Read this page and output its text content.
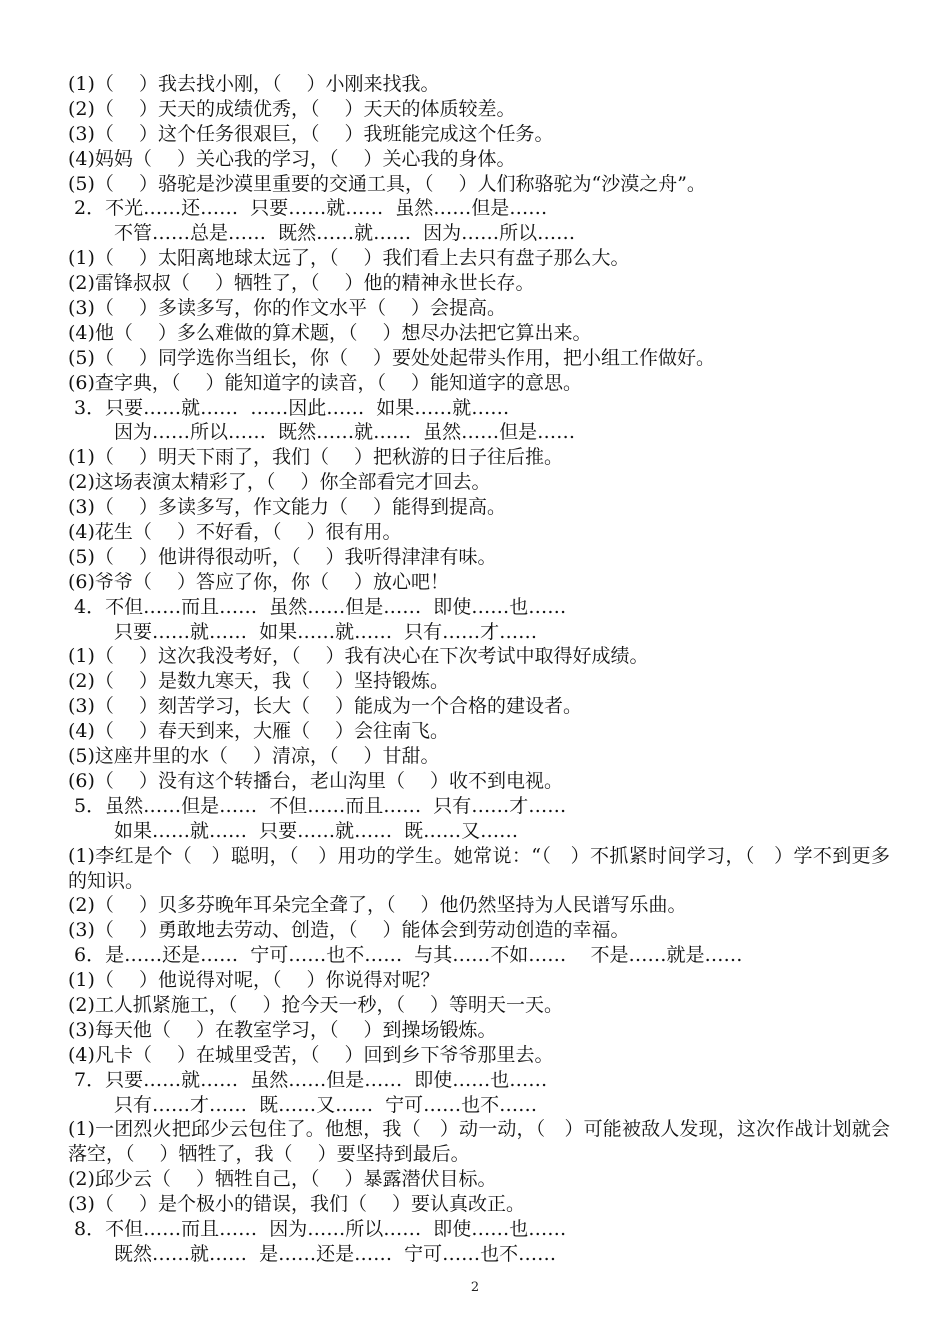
(1)（　 ）我去找小刚，（　 ）小刚来找我。
(2)（　 ）天天的成绩优秀，（　 ）天天的体质较差。
(3)（　 ）这个任务很艰巨，（　 ）我班能完成这个任务。
(4)妈妈（　 ）关心我的学习，（　 ）关心我的身体。
(5)（　 ）骆驼是沙漠里重要的交通工具，（　 ）人们称骆驼为“沙漠之舟”。
2．不光……还……  只要……就……  虽然……但是……
不管……总是……  既然……就……  因为……所以……
(1)（　 ）太阳离地球太远了，（　 ）我们看上去只有盘子那么大。
(2)雷锋叔叔（　 ）牺牲了，（　 ）他的精神永世长存。
(3)（　 ）多读多写，你的作文水平（　 ）会提高。
(4)他（　 ）多么难做的算术题，（　 ）想尽办法把它算出来。
(5)（　 ）同学选你当组长，你（　 ）要处处起带头作用，把小组工作做好。
(6)查字典，（　 ）能知道字的读音，（　 ）能知道字的意思。
3．只要……就……  ……因此……  如果……就……
因为……所以……  既然……就……  虽然……但是……
(1)（　 ）明天下雨了，我们（　 ）把秋游的日子往后推。
(2)这场表演太精彩了，（　 ）你全部看完才回去。
(3)（　 ）多读多写，作文能力（　 ）能得到提高。
(4)花生（　 ）不好看，（　 ）很有用。
(5)（　 ）他讲得很动听，（　 ）我听得津津有味。
(6)爷爷（　 ）答应了你，你（　 ）放心吧！
4．不但……而且……  虽然……但是……  即使……也……
只要……就……  如果……就……  只有……才……
(1)（　 ）这次我没考好，（　 ）我有决心在下次考试中取得好成绩。
(2)（　 ）是数九寒天，我（　 ）坚持锻炼。
(3)（　 ）刻苦学习，长大（　 ）能成为一个合格的建设者。
(4)（　 ）春天到来，大雁（　 ）会往南飞。
(5)这座井里的水（　 ）清凉，（　 ）甘甜。
(6)（　 ）没有这个转播台，老山沟里（　 ）收不到电视。
5．虽然……但是……  不但……而且……  只有……才……
如果……就……  只要……就……  既……又……
(1)李红是个（　）聪明，（　）用功的学生。她常说：“（　）不抓紧时间学习，（　）学不到更多的知识。
(2)（　 ）贝多芬晚年耳朵完全聋了，（　 ）他仍然坚持为人民谱写乐曲。
(3)（　 ）勇敢地去劳动、创造，（　 ）能体会到劳动创造的幸福。
6．是……还是……  宁可……也不……  与其……不如……    不是……就是……
(1)（　 ）他说得对呢，（　 ）你说得对呢？
(2)工人抓紧施工，（　 ）抢今天一秒，（　 ）等明天一天。
(3)每天他（　 ）在教室学习，（　 ）到操场锻炼。
(4)凡卡（　 ）在城里受苦，（　 ）回到乡下爷爷那里去。
7．只要……就……  虽然……但是……  即使……也……
只有……才……  既……又……  宁可……也不……
(1)一团烈火把邱少云包住了。他想，我（　）动一动，（　）可能被敌人发现，这次作战计划就会落空，（　 ）牺牲了，我（　 ）要坚持到最后。
(2)邱少云（　 ）牺牲自己，（　 ）暴露潜伏目标。
(3)（　 ）是个极小的错误，我们（　 ）要认真改正。
8．不但……而且……  因为……所以……  即使……也……
既然……就……  是……还是……  宁可……也不……
2
